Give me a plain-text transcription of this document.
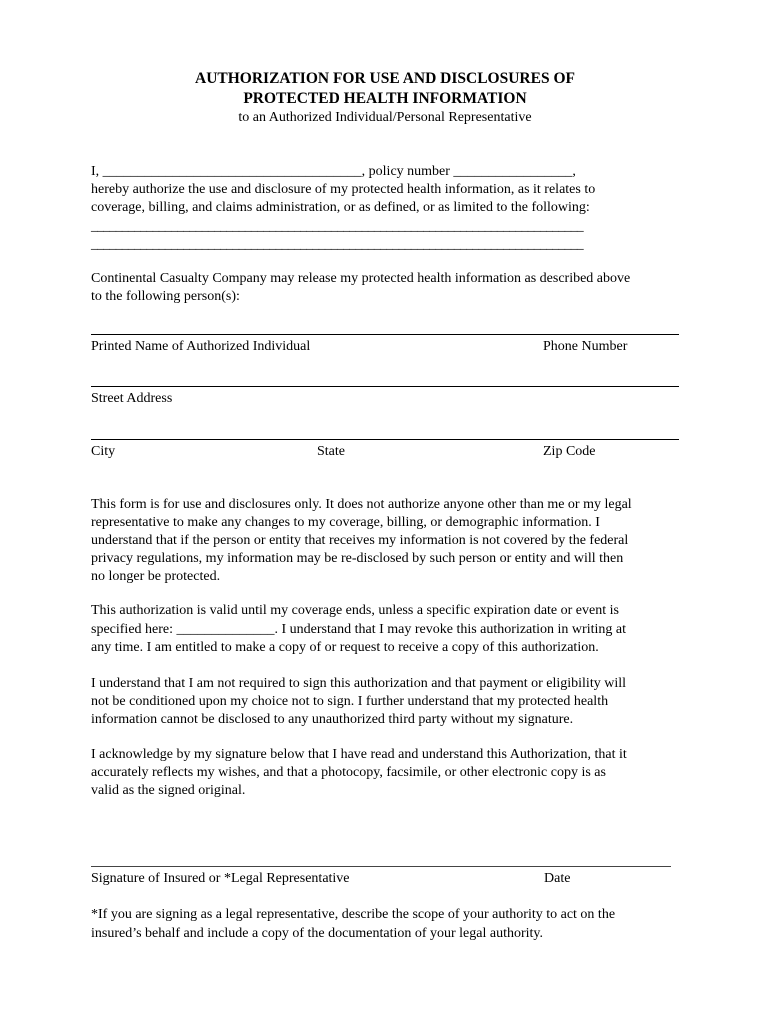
AUTHORIZATION FOR USE AND DISCLOSURES OF
PROTECTED HEALTH INFORMATION
to an Authorized Individual/Personal Representative
I, _____________________________________, policy number _________________,
hereby authorize the use and disclosure of my protected health information, as it relates to
coverage, billing, and claims administration, or as defined, or as limited to the following:
________________________________________________________________________________
________________________________________________________________________________
Continental Casualty Company may release my protected health information as described above
to the following person(s):
Printed Name of Authorized Individual	Phone Number
Street Address
City	State	Zip Code
This form is for use and disclosures only. It does not authorize anyone other than me or my legal
representative to make any changes to my coverage, billing, or demographic information. I
understand that if the person or entity that receives my information is not covered by the federal
privacy regulations, my information may be re-disclosed by such person or entity and will then
no longer be protected.
This authorization is valid until my coverage ends, unless a specific expiration date or event is
specified here: ______________. I understand that I may revoke this authorization in writing at
any time. I am entitled to make a copy of or request to receive a copy of this authorization.
I understand that I am not required to sign this authorization and that payment or eligibility will
not be conditioned upon my choice not to sign. I further understand that my protected health
information cannot be disclosed to any unauthorized third party without my signature.
I acknowledge by my signature below that I have read and understand this Authorization, that it
accurately reflects my wishes, and that a photocopy, facsimile, or other electronic copy is as
valid as the signed original.
Signature of Insured or *Legal Representative	Date
*If you are signing as a legal representative, describe the scope of your authority to act on the
insured’s behalf and include a copy of the documentation of your legal authority.
